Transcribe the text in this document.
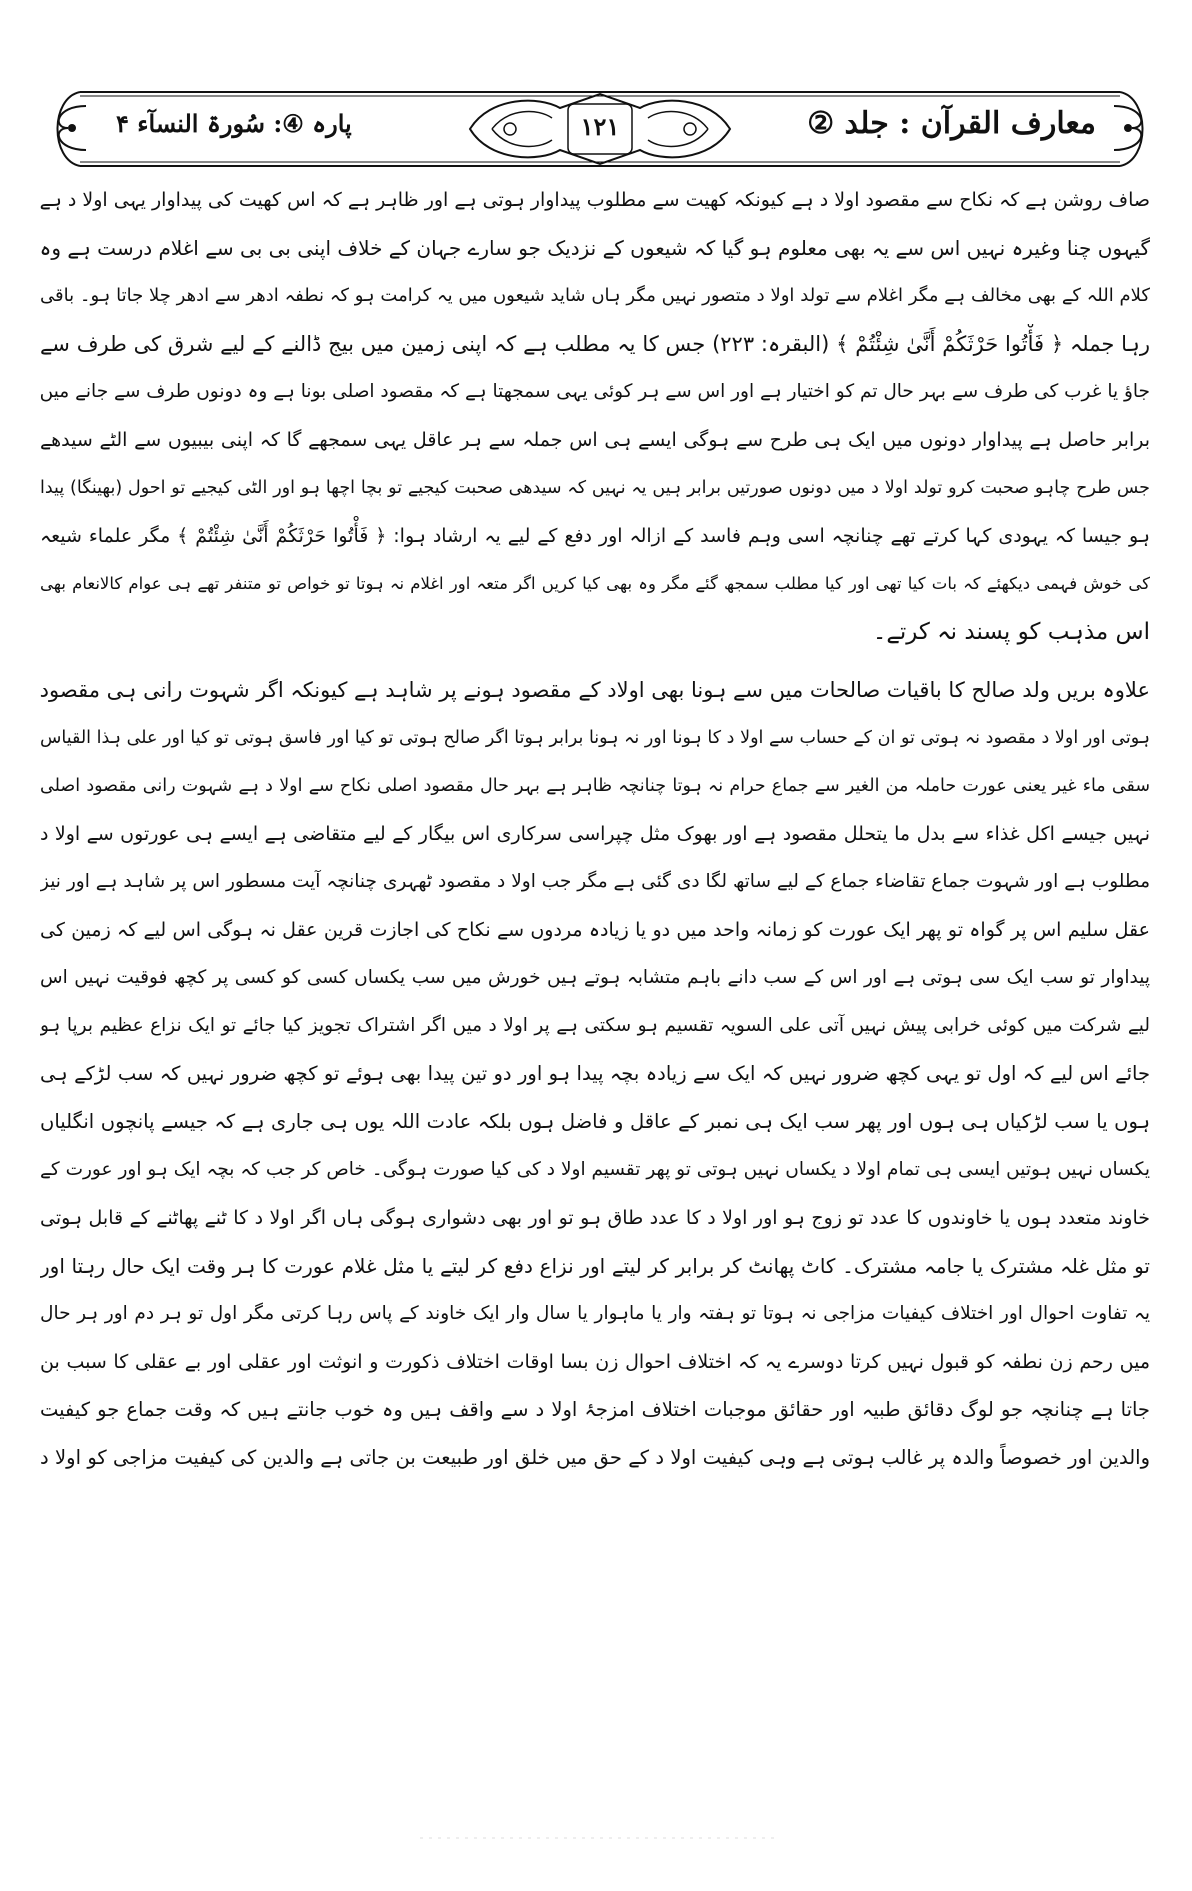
معارف القرآن : جلد ②
۱۲۱
پارہ ④: سُورۃ النسآء ۴
صاف روشن ہے کہ نکاح سے مقصود اولا د ہے کیونکہ کھیت سے مطلوب پیداوار ہوتی ہے اور ظاہر ہے کہ اس کھیت کی پیداوار یہی اولا د ہے
گیہوں چنا وغیرہ نہیں اس سے یہ بھی معلوم ہو گیا کہ شیعوں کے نزدیک جو سارے جہان کے خلاف اپنی بی بی سے اغلام درست ہے وہ
کلام اللہ کے بھی مخالف ہے مگر اغلام سے تولد اولا د متصور نہیں مگر ہاں شاید شیعوں میں یہ کرامت ہو کہ نطفہ ادھر سے ادھر چلا جاتا ہو۔ باقی
رہا جملہ ﴿ فَأْتُوا حَرْثَكُمْ أَنَّىٰ شِئْتُمْ ﴾ (البقرہ: ۲۲۳) جس کا یہ مطلب ہے کہ اپنی زمین میں بیج ڈالنے کے لیے شرق کی طرف سے
جاؤ یا غرب کی طرف سے بہر حال تم کو اختیار ہے اور اس سے ہر کوئی یہی سمجھتا ہے کہ مقصود اصلی بونا ہے وہ دونوں طرف سے جانے میں
برابر حاصل ہے پیداوار دونوں میں ایک ہی طرح سے ہوگی ایسے ہی اس جملہ سے ہر عاقل یہی سمجھے گا کہ اپنی بیبیوں سے الٹے سیدھے
جس طرح چاہو صحبت کرو تولد اولا د میں دونوں صورتیں برابر ہیں یہ نہیں کہ سیدھی صحبت کیجیے تو بچا اچھا ہو اور الٹی کیجیے تو احول (بھینگا) پیدا
ہو جیسا کہ یہودی کہا کرتے تھے چنانچہ اسی وہم فاسد کے ازالہ اور دفع کے لیے یہ ارشاد ہوا: ﴿ فَأْتُوا حَرْثَكُمْ أَنَّىٰ شِئْتُمْ ﴾ مگر علماء شیعہ
کی خوش فہمی دیکھئے کہ بات کیا تھی اور کیا مطلب سمجھ گئے مگر وہ بھی کیا کریں اگر متعہ اور اغلام نہ ہوتا تو خواص تو متنفر تھے ہی عوام کالانعام بھی
اس مذہب کو پسند نہ کرتے۔
علاوہ بریں ولد صالح کا باقیات صالحات میں سے ہونا بھی اولاد کے مقصود ہونے پر شاہد ہے کیونکہ اگر شہوت رانی ہی مقصود
ہوتی اور اولا د مقصود نہ ہوتی تو ان کے حساب سے اولا د کا ہونا اور نہ ہونا برابر ہوتا اگر صالح ہوتی تو کیا اور فاسق ہوتی تو کیا اور علی ہذا القیاس
سقی ماء غیر یعنی عورت حاملہ من الغیر سے جماع حرام نہ ہوتا چنانچہ ظاہر ہے بہر حال مقصود اصلی نکاح سے اولا د ہے شہوت رانی مقصود اصلی
نہیں جیسے اکل غذاء سے بدل ما یتحلل مقصود ہے اور بھوک مثل چپراسی سرکاری اس بیگار کے لیے متقاضی ہے ایسے ہی عورتوں سے اولا د
مطلوب ہے اور شہوت جماع تقاضاء جماع کے لیے ساتھ لگا دی گئی ہے مگر جب اولا د مقصود ٹھہری چنانچہ آیت مسطور اس پر شاہد ہے اور نیز
عقل سلیم اس پر گواہ تو پھر ایک عورت کو زمانہ واحد میں دو یا زیادہ مردوں سے نکاح کی اجازت قرین عقل نہ ہوگی اس لیے کہ زمین کی
پیداوار تو سب ایک سی ہوتی ہے اور اس کے سب دانے باہم متشابہ ہوتے ہیں خورش میں سب یکساں کسی کو کسی پر کچھ فوقیت نہیں اس
لیے شرکت میں کوئی خرابی پیش نہیں آتی علی السویہ تقسیم ہو سکتی ہے پر اولا د میں اگر اشتراک تجویز کیا جائے تو ایک نزاع عظیم برپا ہو
جائے اس لیے کہ اول تو یہی کچھ ضرور نہیں کہ ایک سے زیادہ بچہ پیدا ہو اور دو تین پیدا بھی ہوئے تو کچھ ضرور نہیں کہ سب لڑکے ہی
ہوں یا سب لڑکیاں ہی ہوں اور پھر سب ایک ہی نمبر کے عاقل و فاضل ہوں بلکہ عادت اللہ یوں ہی جاری ہے کہ جیسے پانچوں انگلیاں
یکساں نہیں ہوتیں ایسی ہی تمام اولا د یکساں نہیں ہوتی تو پھر تقسیم اولا د کی کیا صورت ہوگی۔ خاص کر جب کہ بچہ ایک ہو اور عورت کے
خاوند متعدد ہوں یا خاوندوں کا عدد تو زوج ہو اور اولا د کا عدد طاق ہو تو اور بھی دشواری ہوگی ہاں اگر اولا د کا ٹنے پھاٹنے کے قابل ہوتی
تو مثل غلہ مشترک یا جامہ مشترک۔ کاٹ پھانٹ کر برابر کر لیتے اور نزاع دفع کر لیتے یا مثل غلام عورت کا ہر وقت ایک حال رہتا اور
یہ تفاوت احوال اور اختلاف کیفیات مزاجی نہ ہوتا تو ہفتہ وار یا ماہوار یا سال وار ایک خاوند کے پاس رہا کرتی مگر اول تو ہر دم اور ہر حال
میں رحم زن نطفہ کو قبول نہیں کرتا دوسرے یہ کہ اختلاف احوال زن بسا اوقات اختلاف ذکورت و انوثت اور عقلی اور بے عقلی کا سبب بن
جاتا ہے چنانچہ جو لوگ دقائق طبیہ اور حقائق موجبات اختلاف امزجۂ اولا د سے واقف ہیں وہ خوب جانتے ہیں کہ وقت جماع جو کیفیت
والدین اور خصوصاً والدہ پر غالب ہوتی ہے وہی کیفیت اولا د کے حق میں خلق اور طبیعت بن جاتی ہے والدین کی کیفیت مزاجی کو اولا د
